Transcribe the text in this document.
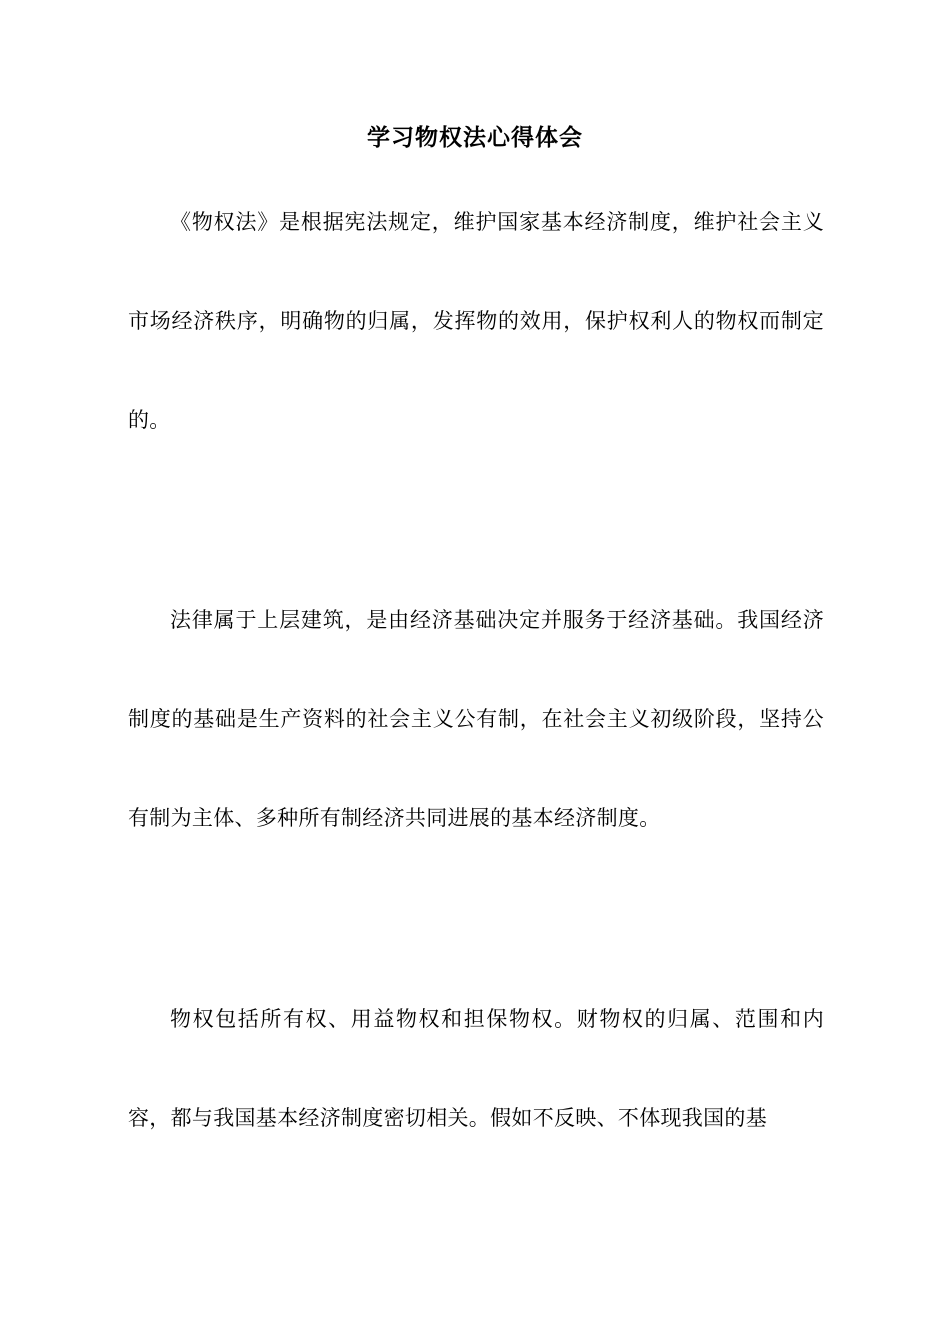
学习物权法心得体会

《物权法》是根据宪法规定，维护国家基本经济制度，维护社会主义市场经济秩序，明确物的归属，发挥物的效用，保护权利人的物权而制定的。

法律属于上层建筑，是由经济基础决定并服务于经济基础。我国经济制度的基础是生产资料的社会主义公有制，在社会主义初级阶段，坚持公有制为主体、多种所有制经济共同进展的基本经济制度。

物权包括所有权、用益物权和担保物权。财物权的归属、范围和内容，都与我国基本经济制度密切相关。假如不反映、不体现我国的基
